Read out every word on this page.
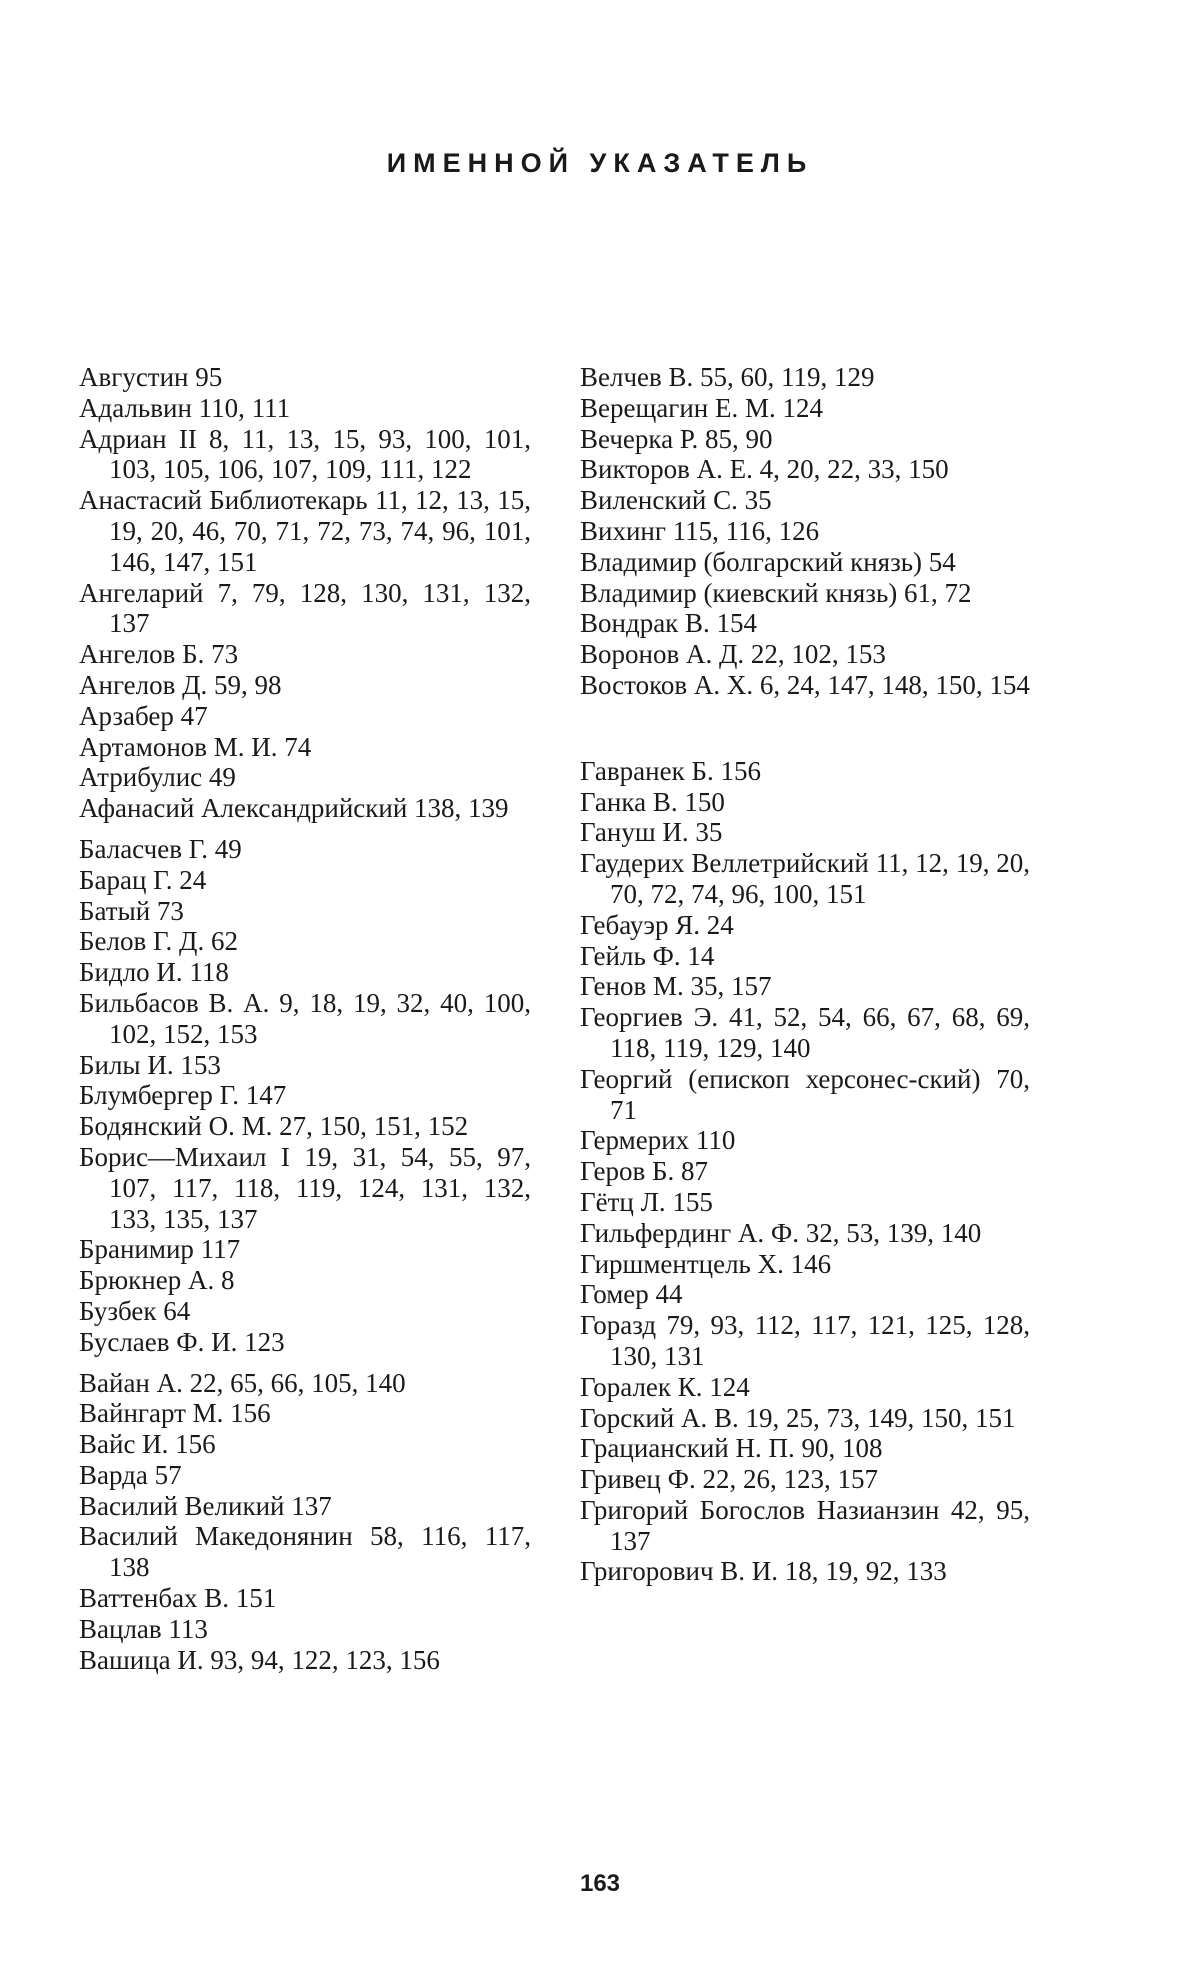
ИМЕННОЙ УКАЗАТЕЛЬ
Августин 95
Адальвин 110, 111
Адриан II 8, 11, 13, 15, 93, 100, 101, 103, 105, 106, 107, 109, 111, 122
Анастасий Библиотекарь 11, 12, 13, 15, 19, 20, 46, 70, 71, 72, 73, 74, 96, 101, 146, 147, 151
Ангеларий 7, 79, 128, 130, 131, 132, 137
Ангелов Б. 73
Ангелов Д. 59, 98
Арзабер 47
Артамонов М. И. 74
Атрибулис 49
Афанасий Александрийский 138, 139
Баласчев Г. 49
Барац Г. 24
Батый 73
Белов Г. Д. 62
Бидло И. 118
Бильбасов В. А. 9, 18, 19, 32, 40, 100, 102, 152, 153
Билы И. 153
Блумбергер Г. 147
Бодянский О. М. 27, 150, 151, 152
Борис—Михаил I 19, 31, 54, 55, 97, 107, 117, 118, 119, 124, 131, 132, 133, 135, 137
Бранимир 117
Брюкнер А. 8
Бузбек 64
Буслаев Ф. И. 123
Вайан А. 22, 65, 66, 105, 140
Вайнгарт М. 156
Вайс И. 156
Варда 57
Василий Великий 137
Василий Македонянин 58, 116, 117, 138
Ваттенбах В. 151
Вацлав 113
Вашица И. 93, 94, 122, 123, 156
Велчев В. 55, 60, 119, 129
Верещагин Е. М. 124
Вечерка Р. 85, 90
Викторов А. Е. 4, 20, 22, 33, 150
Виленский С. 35
Вихинг 115, 116, 126
Владимир (болгарский князь) 54
Владимир (киевский князь) 61, 72
Вондрак В. 154
Воронов А. Д. 22, 102, 153
Востоков А. Х. 6, 24, 147, 148, 150, 154
Гавранек Б. 156
Ганка В. 150
Гануш И. 35
Гаудерих Веллетрийский 11, 12, 19, 20, 70, 72, 74, 96, 100, 151
Гебауэр Я. 24
Гейль Ф. 14
Генов М. 35, 157
Георгиев Э. 41, 52, 54, 66, 67, 68, 69, 118, 119, 129, 140
Георгий (епископ херсонес-ский) 70, 71
Гермерих 110
Геров Б. 87
Гётц Л. 155
Гильфердинг А. Ф. 32, 53, 139, 140
Гиршментцель Х. 146
Гомер 44
Горазд 79, 93, 112, 117, 121, 125, 128, 130, 131
Горалек К. 124
Горский А. В. 19, 25, 73, 149, 150, 151
Грацианский Н. П. 90, 108
Гривец Ф. 22, 26, 123, 157
Григорий Богослов Назианзин 42, 95, 137
Григорович В. И. 18, 19, 92, 133
163
